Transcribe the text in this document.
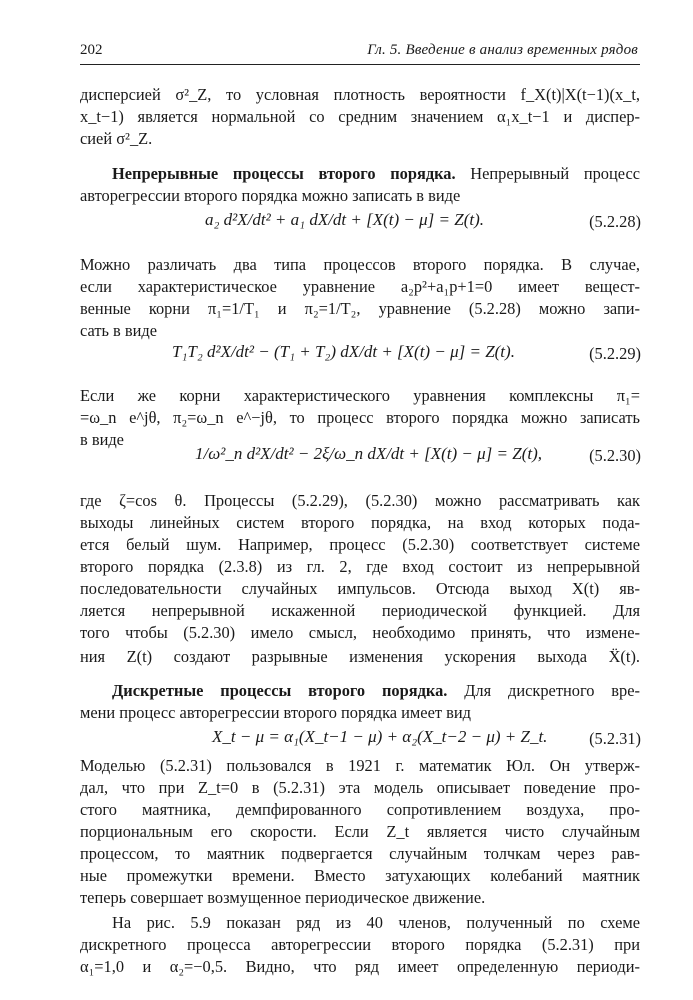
202	Гл. 5. Введение в анализ временных рядов
дисперсией σ²_Z, то условная плотность вероятности f_X(t)|X(t−1)(x_t,
x_t−1) является нормальной со средним значением α₁x_t−1 и диспер-
сией σ²_Z.
Непрерывные процессы второго порядка. Непрерывный процесс
авторегрессии второго порядка можно записать в виде
a₂ d²X/dt² + a₁ dX/dt + [X(t) − μ] = Z(t).	(5.2.28)
Можно различать два типа процессов второго порядка. В случае,
если характеристическое уравнение a₂p²+a₁p+1=0 имеет вещест-
венные корни π₁=1/T₁ и π₂=1/T₂, уравнение (5.2.28) можно запи-
сать в виде
T₁T₂ d²X/dt² − (T₁ + T₂) dX/dt + [X(t) − μ] = Z(t).	(5.2.29)
Если же корни характеристического уравнения комплексны π₁=
=ω_n e^jθ, π₂=ω_n e^−jθ, то процесс второго порядка можно записать
в виде
1/ω²_n d²X/dt² − 2ξ/ω_n dX/dt + [X(t) − μ] = Z(t),	(5.2.30)
где ζ=cos θ. Процессы (5.2.29), (5.2.30) можно рассматривать как
выходы линейных систем второго порядка, на вход которых пода-
ется белый шум. Например, процесс (5.2.30) соответствует системе
второго порядка (2.3.8) из гл. 2, где вход состоит из непрерывной
последовательности случайных импульсов. Отсюда выход X(t) яв-
ляется непрерывной искаженной периодической функцией. Для
того чтобы (5.2.30) имело смысл, необходимо принять, что измене-
ния Z(t) создают разрывные изменения ускорения выхода Ẍ(t).
Дискретные процессы второго порядка. Для дискретного вре-
мени процесс авторегрессии второго порядка имеет вид
X_t − μ = α₁(X_t−1 − μ) + α₂(X_t−2 − μ) + Z_t.	(5.2.31)
Моделью (5.2.31) пользовался в 1921 г. математик Юл. Он утверж-
дал, что при Z_t=0 в (5.2.31) эта модель описывает поведение про-
стого маятника, демпфированного сопротивлением воздуха, про-
порциональным его скорости. Если Z_t является чисто случайным
процессом, то маятник подвергается случайным толчкам через рав-
ные промежутки времени. Вместо затухающих колебаний маятник
теперь совершает возмущенное периодическое движение.
На рис. 5.9 показан ряд из 40 членов, полученный по схеме
дискретного процесса авторегрессии второго порядка (5.2.31) при
α₁=1,0 и α₂=−0,5. Видно, что ряд имеет определенную периоди-
